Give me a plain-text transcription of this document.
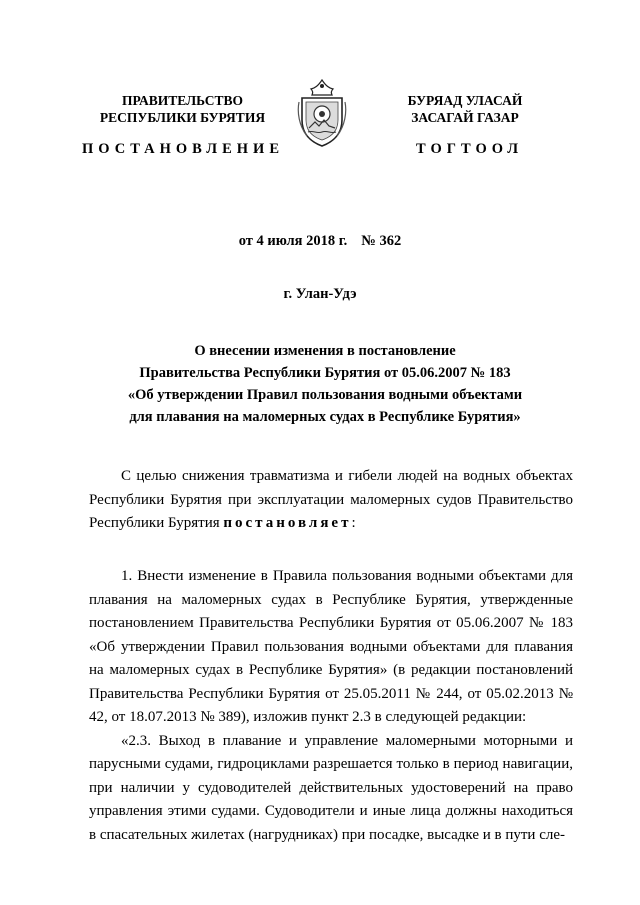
ПРАВИТЕЛЬСТВО
РЕСПУБЛИКИ БУРЯТИЯ
ПОСТАНОВЛЕНИЕ
БУРЯАД УЛАСАЙ
ЗАСАГАЙ ГАЗАР
ТОГТООЛ
от 4 июля 2018 г. № 362
г. Улан-Удэ
О внесении изменения в постановление
Правительства Республики Бурятия от 05.06.2007 № 183
«Об утверждении Правил пользования водными объектами
для плавания на маломерных судах в Республике Бурятия»
С целью снижения травматизма и гибели людей на водных объектах Республики Бурятия при эксплуатации маломерных судов Правительство Республики Бурятия постановляет:
1. Внести изменение в Правила пользования водными объектами для плавания на маломерных судах в Республике Бурятия, утвержденные постановлением Правительства Республики Бурятия от 05.06.2007 № 183 «Об утверждении Правил пользования водными объектами для плавания на маломерных судах в Республике Бурятия» (в редакции постановлений Правительства Республики Бурятия от 25.05.2011 № 244, от 05.02.2013 № 42, от 18.07.2013 № 389), изложив пункт 2.3 в следующей редакции:
«2.3. Выход в плавание и управление маломерными моторными и парусными судами, гидроциклами разрешается только в период навигации, при наличии у судоводителей действительных удостоверений на право управления этими судами. Судоводители и иные лица должны находиться в спасательных жилетах (нагрудниках) при посадке, высадке и в пути сле-
